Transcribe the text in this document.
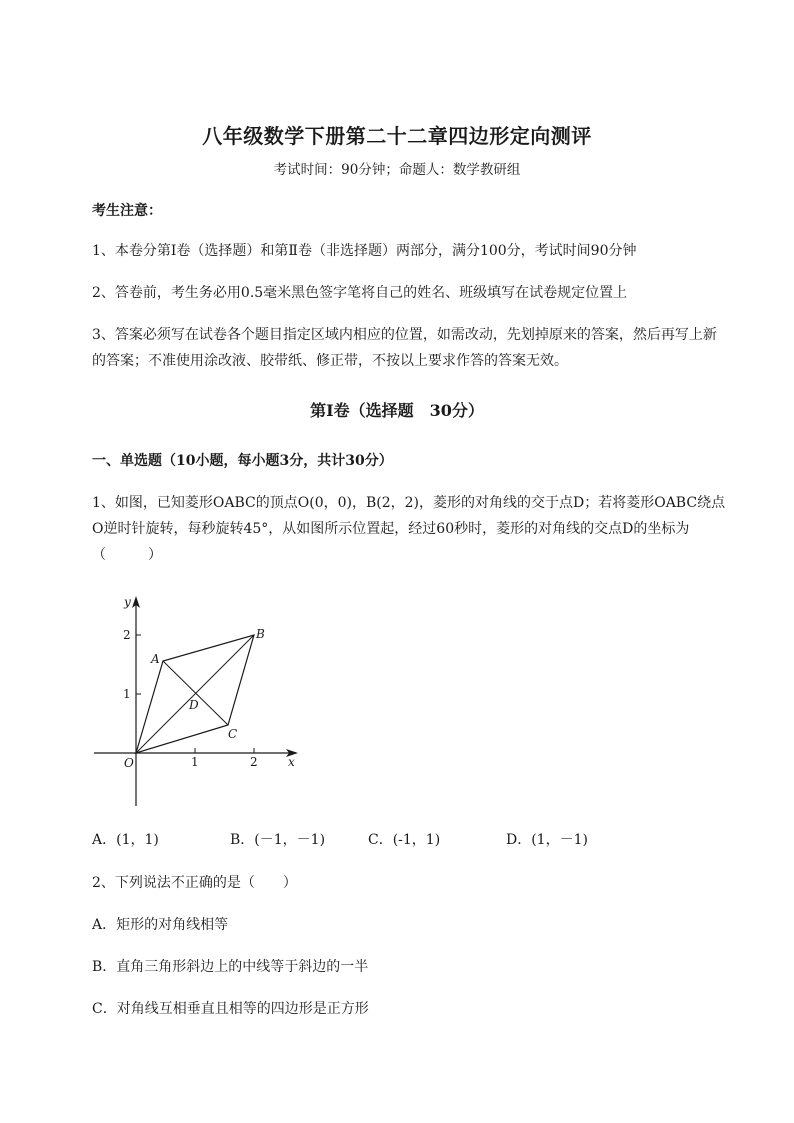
八年级数学下册第二十二章四边形定向测评
考试时间：90分钟；命题人：数学教研组
考生注意：
1、本卷分第I卷（选择题）和第Ⅱ卷（非选择题）两部分，满分100分，考试时间90分钟
2、答卷前，考生务必用0.5毫米黑色签字笔将自己的姓名、班级填写在试卷规定位置上
3、答案必须写在试卷各个题目指定区域内相应的位置，如需改动，先划掉原来的答案，然后再写上新
的答案；不准使用涂改液、胶带纸、修正带，不按以上要求作答的答案无效。
第I卷（选择题　30分）
一、单选题（10小题，每小题3分，共计30分）
1、如图，已知菱形OABC的顶点O(0，0)，B(2，2)，菱形的对角线的交于点D；若将菱形OABC绕点
O逆时针旋转，每秒旋转45°，从如图所示位置起，经过60秒时，菱形的对角线的交点D的坐标为
（　　　）
x
y
1	2
1
2
O
A
B
C
D
A．(1，1)	B．(－1，－1)	C．(-1，1)	D．(1，－1)
2、下列说法不正确的是（　　）
A．矩形的对角线相等
B．直角三角形斜边上的中线等于斜边的一半
C．对角线互相垂直且相等的四边形是正方形
